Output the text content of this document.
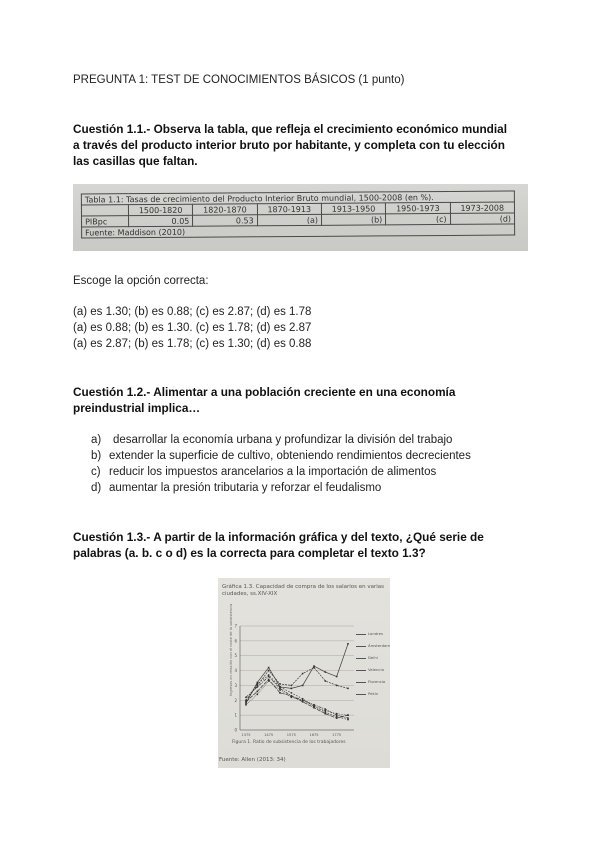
PREGUNTA 1: TEST DE CONOCIMIENTOS BÁSICOS (1 punto)
Cuestión 1.1.- Observa la tabla, que refleja el crecimiento económico mundial
a través del producto interior bruto por habitante, y completa con tu elección
las casillas que faltan.
Tabla 1.1: Tasas de crecimiento del Producto Interior Bruto mundial, 1500-2008 (en %).						
	1500-1820	1820-1870	1870-1913	1913-1950	1950-1973	1973-2008
PIBpc	0.05	0.53	(a)	(b)	(c)	(d)
Fuente: Maddison (2010)						
Escoge la opción correcta:
(a) es 1.30; (b) es 0.88; (c) es 2.87; (d) es 1.78
(a) es 0.88; (b) es 1.30. (c) es 1.78; (d) es 2.87
(a) es 2.87; (b) es 1.78; (c) es 1.30; (d) es 0.88
Cuestión 1.2.- Alimentar a una población creciente en una economía
preindustrial implica…
a) desarrollar la economía urbana y profundizar la división del trabajo
b) extender la superficie de cultivo, obteniendo rendimientos decrecientes
c) reducir los impuestos arancelarios a la importación de alimentos
d) aumentar la presión tributaria y reforzar el feudalismo
Cuestión 1.3.- A partir de la información gráfica y del texto, ¿Qué serie de
palabras (a. b. c o d) es la correcta para completar el texto 1.3?
Gráfica 1.3. Capacidad de compra de los salarios en varias ciudades, ss.XIV-XIX
Ingresos en relación con el coste de la subsistencia
0
1
2
3
4
5
6
7
1375	1475	1575	1675	1775
Londres
Ámsterdam
Delhi
Valencia
Florencia
Pekín
Figura 1. Ratio de subsistencia de los trabajadores
Fuente: Allen (2013: 34)
